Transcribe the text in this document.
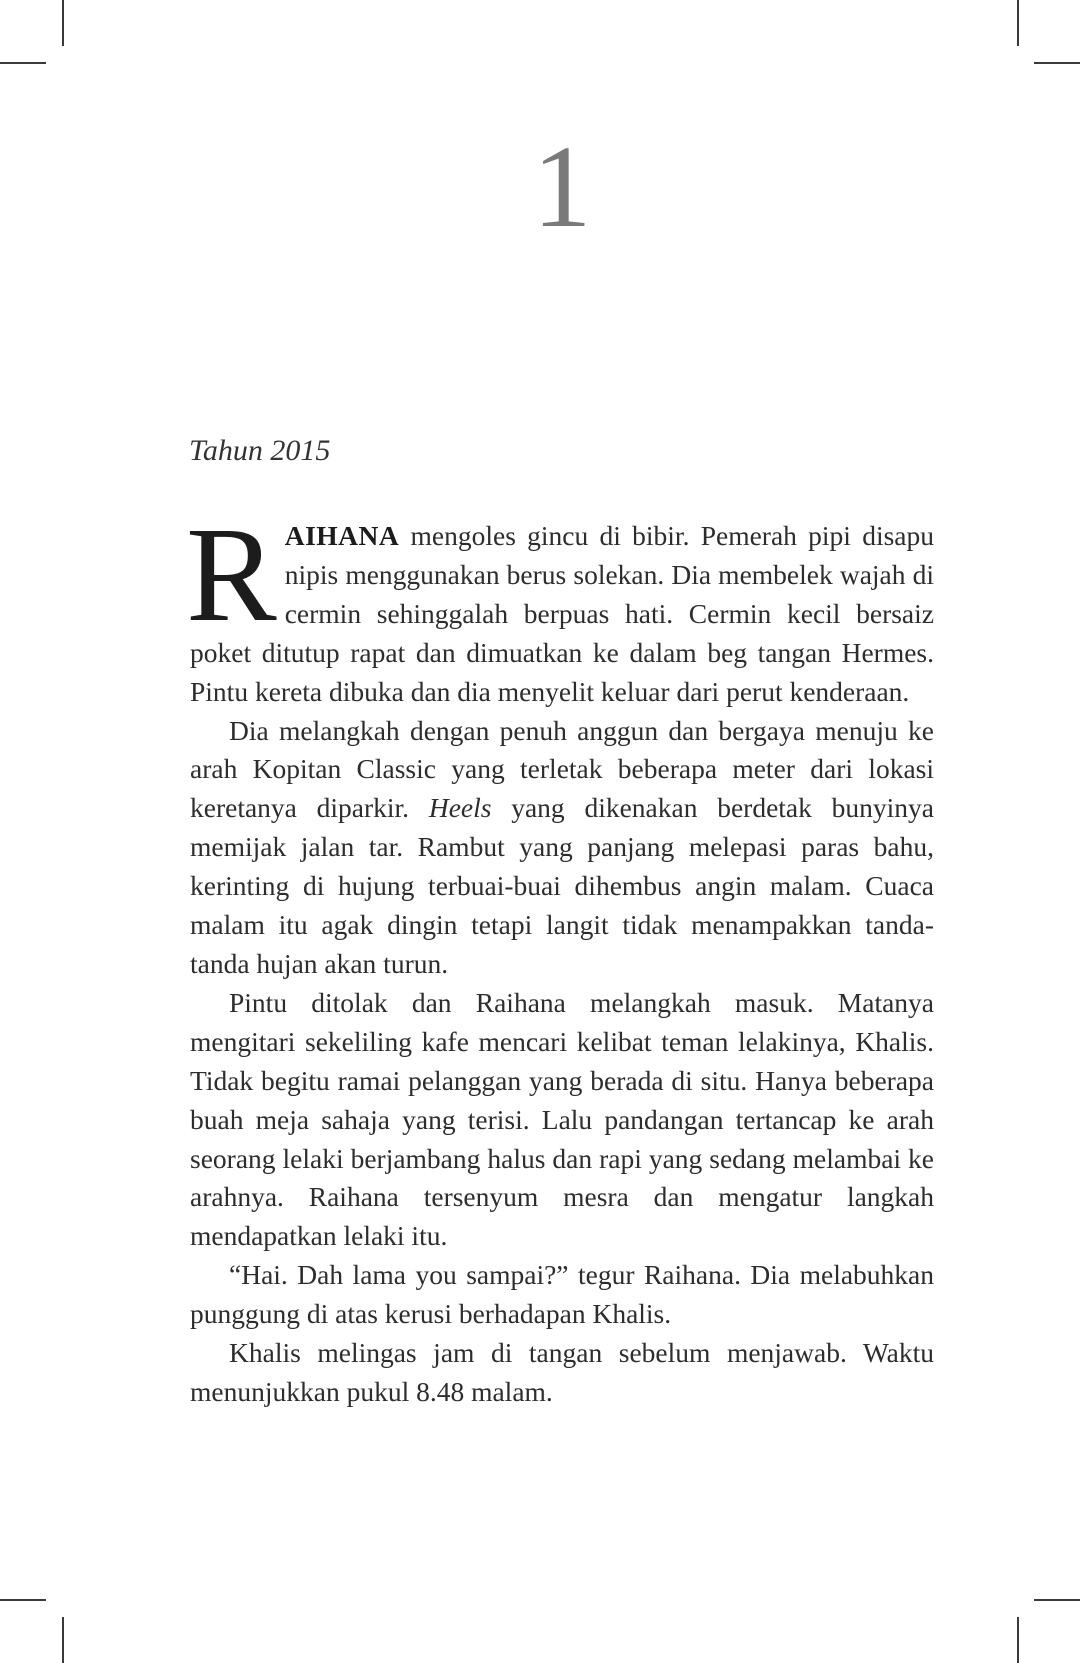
1
Tahun 2015

RAIHANA mengoles gincu di bibir. Pemerah pipi disapu nipis menggunakan berus solekan. Dia membelek wajah di cermin sehinggalah berpuas hati. Cermin kecil bersaiz poket ditutup rapat dan dimuatkan ke dalam beg tangan Hermes. Pintu kereta dibuka dan dia menyelit keluar dari perut kenderaan.

Dia melangkah dengan penuh anggun dan bergaya menuju ke arah Kopitan Classic yang terletak beberapa meter dari lokasi keretanya diparkir. Heels yang dikenakan berdetak bunyinya memijak jalan tar. Rambut yang panjang melepasi paras bahu, kerinting di hujung terbuai-buai dihembus angin malam. Cuaca malam itu agak dingin tetapi langit tidak menampakkan tanda-tanda hujan akan turun.

Pintu ditolak dan Raihana melangkah masuk. Matanya mengitari sekeliling kafe mencari kelibat teman lelakinya, Khalis. Tidak begitu ramai pelanggan yang berada di situ. Hanya beberapa buah meja sahaja yang terisi. Lalu pandangan tertancap ke arah seorang lelaki berjambang halus dan rapi yang sedang melambai ke arahnya. Raihana tersenyum mesra dan mengatur langkah mendapatkan lelaki itu.

“Hai. Dah lama you sampai?” tegur Raihana. Dia melabuhkan punggung di atas kerusi berhadapan Khalis.

Khalis melingas jam di tangan sebelum menjawab. Waktu menunjukkan pukul 8.48 malam.
